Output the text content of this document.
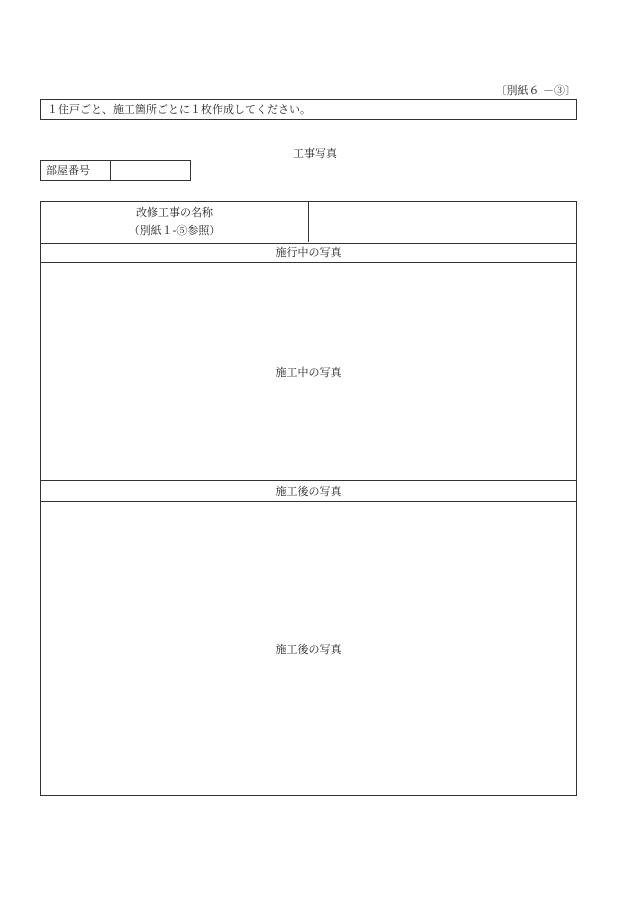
〔別紙６ －③〕
１住戸ごと、施工箇所ごとに１枚作成してください。
工事写真
部屋番号
改修工事の名称
（別紙１-⑤参照）
施行中の写真
施工中の写真
施工後の写真
施工後の写真
